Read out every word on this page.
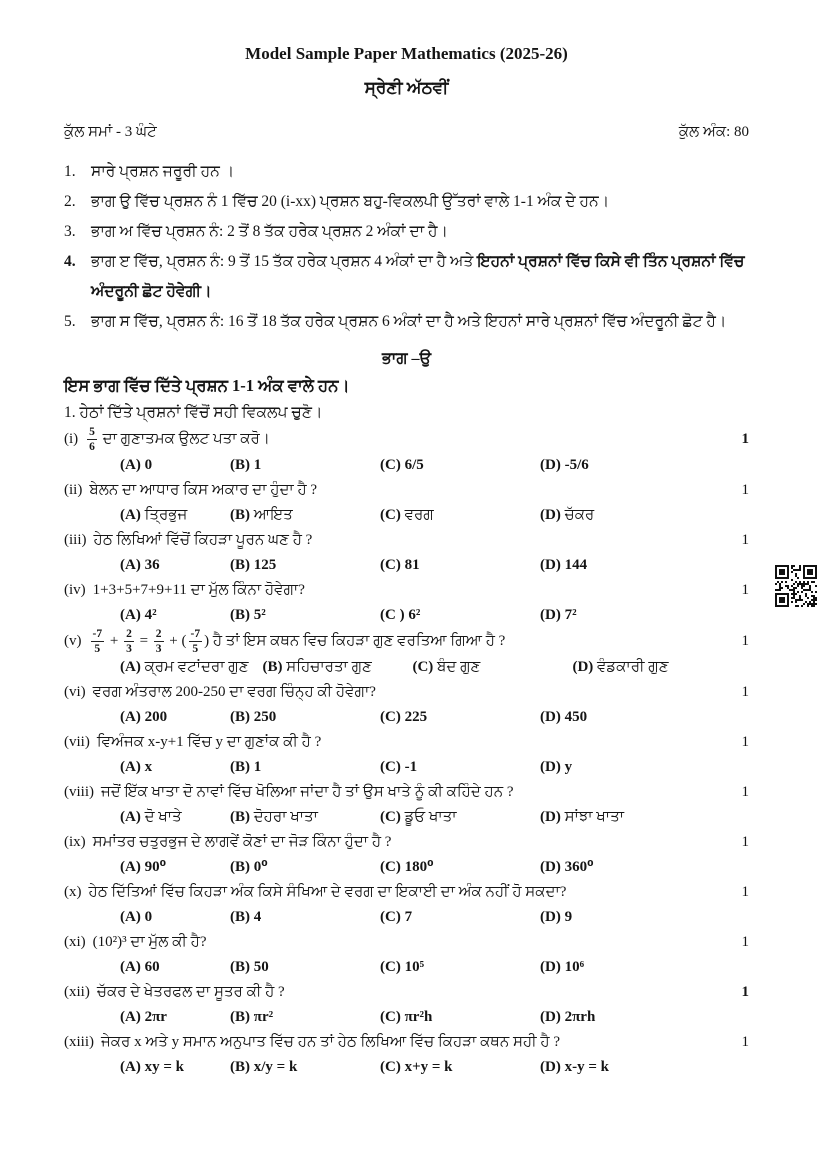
Model Sample Paper Mathematics (2025-26)
ਸ੍ਰੇਣੀ ਅੱਠਵੀਂ
ਕੁੱਲ ਸਮਾਂ - 3 ਘੰਟੇ	ਕੁੱਲ ਅੰਕ: 80
1. ਸਾਰੇ ਪ੍ਰਸ਼ਨ ਜਰੂਰੀ ਹਨ ।
2. ਭਾਗ ਉ ਵਿੱਚ ਪ੍ਰਸ਼ਨ ਨੰ 1 ਵਿੱਚ 20 (i-xx) ਪ੍ਰਸ਼ਨ ਬਹੁ-ਵਿਕਲਪੀ ਉੱਤਰਾਂ ਵਾਲੇ 1-1 ਅੰਕ ਦੇ ਹਨ।
3. ਭਾਗ ਅ ਵਿੱਚ ਪ੍ਰਸ਼ਨ ਨੰ: 2 ਤੋਂ 8 ਤੱਕ ਹਰੇਕ ਪ੍ਰਸ਼ਨ 2 ਅੰਕਾਂ ਦਾ ਹੈ।
4. ਭਾਗ ੲ ਵਿੱਚ, ਪ੍ਰਸ਼ਨ ਨੰ: 9 ਤੋਂ 15 ਤੱਕ ਹਰੇਕ ਪ੍ਰਸ਼ਨ 4 ਅੰਕਾਂ ਦਾ ਹੈ ਅਤੇ ਇਹਨਾਂ ਪ੍ਰਸ਼ਨਾਂ ਵਿੱਚ ਕਿਸੇ ਵੀ ਤਿੰਨ ਪ੍ਰਸ਼ਨਾਂ ਵਿੱਚ ਅੰਦਰੂਨੀ ਛੋਟ ਹੋਵੇਗੀ।
5. ਭਾਗ ਸ ਵਿੱਚ, ਪ੍ਰਸ਼ਨ ਨੰ: 16 ਤੋਂ 18 ਤੱਕ ਹਰੇਕ ਪ੍ਰਸ਼ਨ 6 ਅੰਕਾਂ ਦਾ ਹੈ ਅਤੇ ਇਹਨਾਂ ਸਾਰੇ ਪ੍ਰਸ਼ਨਾਂ ਵਿੱਚ ਅੰਦਰੂਨੀ ਛੋਟ ਹੈ।
ਭਾਗ –ਉ
ਇਸ ਭਾਗ ਵਿੱਚ ਦਿੱਤੇ ਪ੍ਰਸ਼ਨ 1-1 ਅੰਕ ਵਾਲੇ ਹਨ।
1. ਹੇਠਾਂ ਦਿੱਤੇ ਪ੍ਰਸ਼ਨਾਂ ਵਿੱਚੋਂ ਸਹੀ ਵਿਕਲਪ ਚੁਣੋ।
$(i) \frac{5}{6}$ ਦਾ ਗੁਣਾਤਮਕ ਉਲਟ ਪਤਾ ਕਰੋ।	1
(A) 0	(B) 1	(C) 6/5	(D) -5/6
(ii) ਬੇਲਨ ਦਾ ਆਧਾਰ ਕਿਸ ਅਕਾਰ ਦਾ ਹੁੰਦਾ ਹੈ ?	1
(A) ਤ੍ਰਿਭੁਜ	(B) ਆਇਤ	(C) ਵਰਗ	(D) ਚੱਕਰ
(iii) ਹੇਠ ਲਿਖਿਆਂ ਵਿੱਚੋਂ ਕਿਹੜਾ ਪੂਰਨ ਘਣ ਹੈ ?	1
(A) 36	(B) 125	(C) 81	(D) 144
(iv) 1+3+5+7+9+11 ਦਾ ਮੁੱਲ ਕਿੰਨਾ ਹੋਵੇਗਾ?	1
(A) 4²	(B) 5²	(C ) 6²	(D) 7²
$(v) \frac{-7}{5} + \frac{2}{3} = \frac{2}{3}$ + ( $\frac{-7}{5}$ ) ਹੈ ਤਾਂ ਇਸ ਕਥਨ ਵਿਚ ਕਿਹੜਾ ਗੁਣ ਵਰਤਿਆ ਗਿਆ ਹੈ ?	1
(A) ਕ੍ਰਮ ਵਟਾਂਦਰਾ ਗੁਣ (B) ਸਹਿਚਾਰਤਾ ਗੁਣ	(C) ਬੰਦ ਗੁਣ	(D) ਵੰਡਕਾਰੀ ਗੁਣ
(vi) ਵਰਗ ਅੰਤਰਾਲ 200-250 ਦਾ ਵਰਗ ਚਿੰਨ੍ਹ ਕੀ ਹੋਵੇਗਾ?	1
(A) 200	(B) 250	(C) 225	(D) 450
(vii) ਵਿਅੰਜਕ x-y+1 ਵਿੱਚ y ਦਾ ਗੁਣਾਂਕ ਕੀ ਹੈ ?	1
(A) x	(B) 1	(C) -1	(D) y
(viii) ਜਦੋਂ ਇੱਕ ਖਾਤਾ ਦੋ ਨਾਵਾਂ ਵਿੱਚ ਖੋਲਿਆ ਜਾਂਦਾ ਹੈ ਤਾਂ ਉਸ ਖਾਤੇ ਨੂੰ ਕੀ ਕਹਿੰਦੇ ਹਨ ?	1
(A) ਦੋ ਖਾਤੇ	(B) ਦੋਹਰਾ ਖਾਤਾ	(C) ਡੂਓ ਖਾਤਾ	(D) ਸਾਂਝਾ ਖਾਤਾ
(ix) ਸਮਾਂਤਰ ਚਤੁਰਭੁਜ ਦੇ ਲਾਗਵੇਂ ਕੋਣਾਂ ਦਾ ਜੋੜ ਕਿੰਨਾ ਹੁੰਦਾ ਹੈ ?	1
(A) 90⁰	(B) 0⁰	(C) 180⁰	(D) 360⁰
(x) ਹੇਠ ਦਿੱਤਿਆਂ ਵਿੱਚ ਕਿਹੜਾ ਅੰਕ ਕਿਸੇ ਸੰਖਿਆ ਦੇ ਵਰਗ ਦਾ ਇਕਾਈ ਦਾ ਅੰਕ ਨਹੀਂ ਹੋ ਸਕਦਾ?	1
(A) 0	(B) 4	(C) 7	(D) 9
(xi) (10²)³ ਦਾ ਮੁੱਲ ਕੀ ਹੈ?	1
(A) 60	(B) 50	(C) 10⁵	(D) 10⁶
(xii) ਚੱਕਰ ਦੇ ਖੇਤਰਫਲ ਦਾ ਸੂਤਰ ਕੀ ਹੈ ?	1
(A) 2πr	(B) πr²	(C) πr²h	(D) 2πrh
(xiii) ਜੇਕਰ x ਅਤੇ y ਸਮਾਨ ਅਨੁਪਾਤ ਵਿੱਚ ਹਨ ਤਾਂ ਹੇਠ ਲਿਖਿਆ ਵਿੱਚ ਕਿਹੜਾ ਕਥਨ ਸਹੀ ਹੈ ?	1
(A) xy = k	(B) x/y = k	(C) x+y = k	(D) x-y = k
